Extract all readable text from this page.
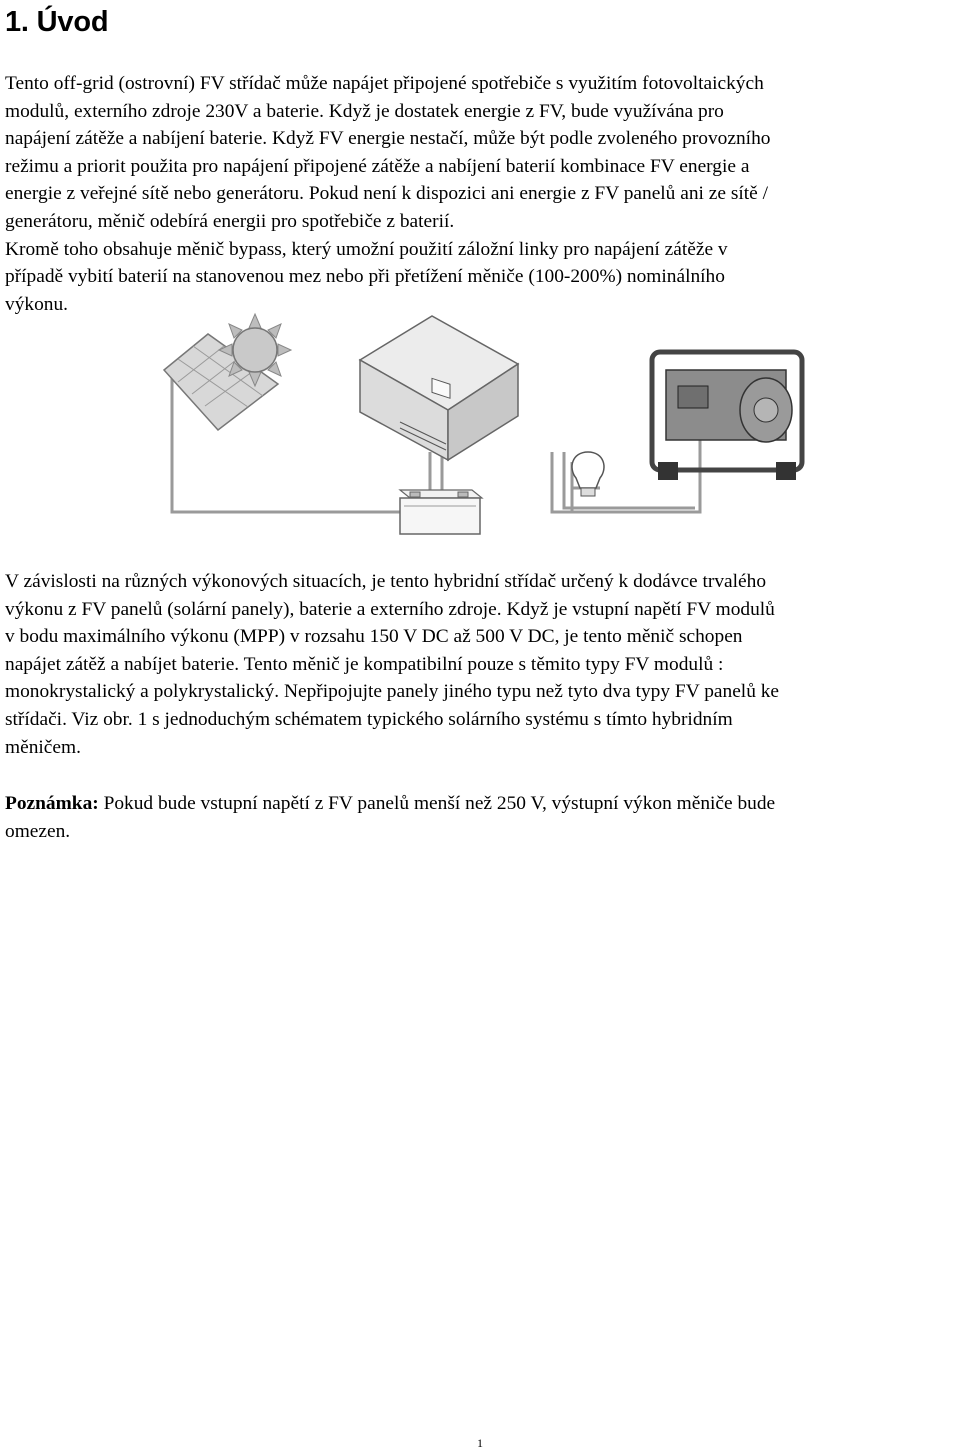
1. Úvod
Tento off-grid (ostrovní) FV střídač může napájet připojené spotřebiče s využitím fotovoltaických
modulů, externího zdroje 230V a baterie. Když je dostatek energie z FV, bude využívána pro
napájení zátěže a nabíjení baterie. Když FV energie nestačí, může být podle zvoleného provozního
režimu a priorit použita pro napájení připojené zátěže a nabíjení baterií kombinace FV energie a
energie z veřejné sítě nebo generátoru. Pokud není k dispozici ani energie z FV panelů ani ze sítě /
generátoru, měnič odebírá energii pro spotřebiče z baterií.
Kromě toho obsahuje měnič bypass, který umožní použití záložní linky pro napájení zátěže v
případě vybití baterií na stanovenou mez nebo při přetížení měniče (100-200%) nominálního
výkonu.
V závislosti na různých výkonových situacích, je tento hybridní střídač určený k dodávce trvalého
výkonu z FV panelů (solární panely), baterie a externího zdroje. Když je vstupní napětí FV modulů
v bodu maximálního výkonu (MPP) v rozsahu 150 V DC až 500 V DC, je tento měnič schopen
napájet zátěž a nabíjet baterie. Tento měnič je kompatibilní pouze s těmito typy FV modulů :
monokrystalický a polykrystalický. Nepřipojujte panely jiného typu než tyto dva typy FV panelů ke
střídači. Viz obr. 1 s jednoduchým schématem typického solárního systému s tímto hybridním
měničem.
Poznámka: Pokud bude vstupní napětí z FV panelů menší než 250 V, výstupní výkon měniče bude
omezen.
1
